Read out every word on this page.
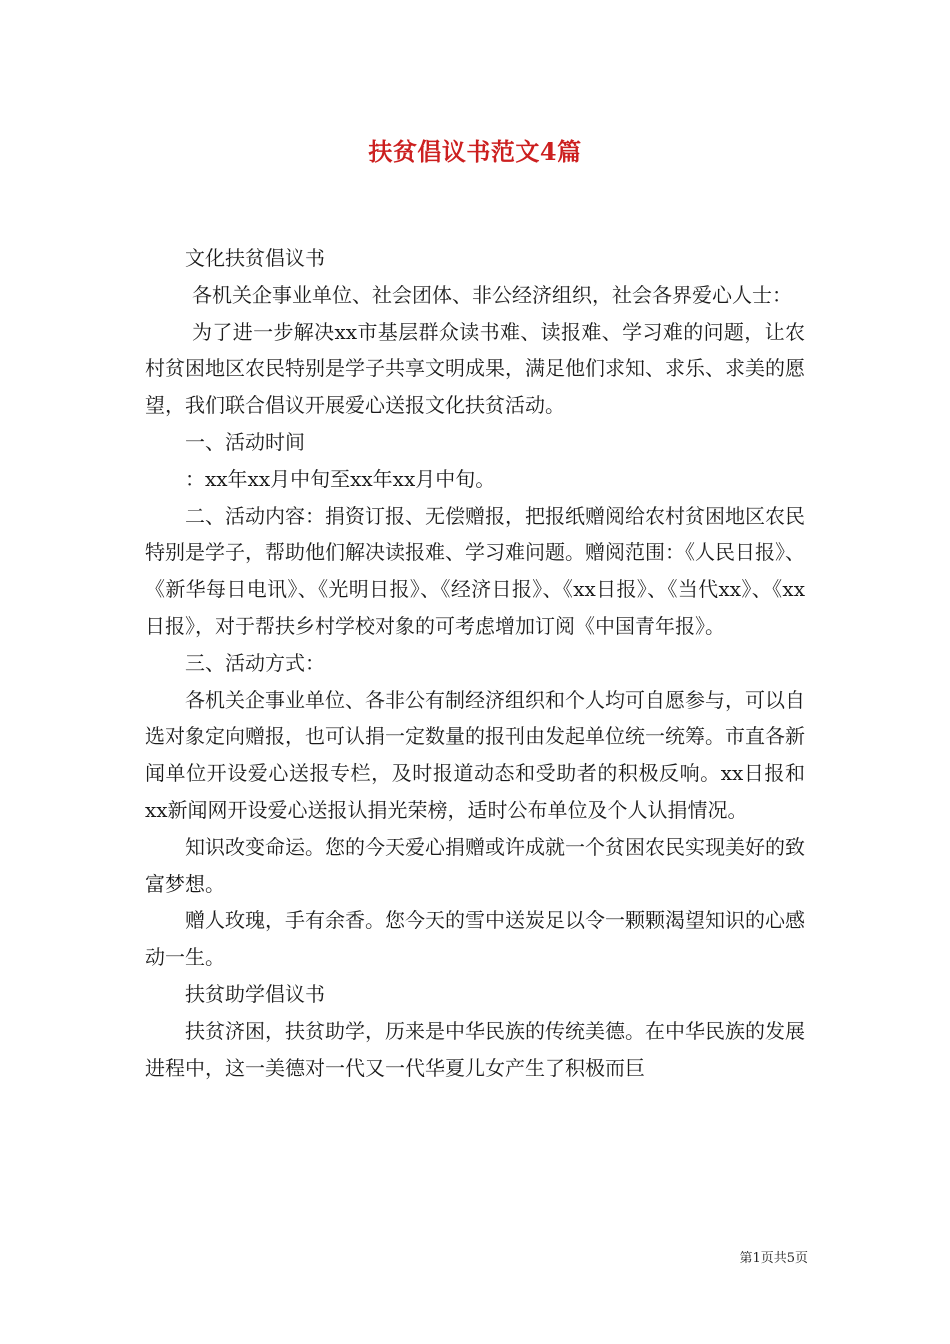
扶贫倡议书范文4篇

文化扶贫倡议书

各机关企事业单位、社会团体、非公经济组织，社会各界爱心人士：

为了进一步解决xx市基层群众读书难、读报难、学习难的问题，让农村贫困地区农民特别是学子共享文明成果，满足他们求知、求乐、求美的愿望，我们联合倡议开展爱心送报文化扶贫活动。

一、活动时间

：xx年xx月中旬至xx年xx月中旬。

二、活动内容：捐资订报、无偿赠报，把报纸赠阅给农村贫困地区农民特别是学子，帮助他们解决读报难、学习难问题。赠阅范围：《人民日报》、《新华每日电讯》、《光明日报》、《经济日报》、《xx日报》、《当代xx》、《xx日报》，对于帮扶乡村学校对象的可考虑增加订阅《中国青年报》。

三、活动方式：

各机关企事业单位、各非公有制经济组织和个人均可自愿参与，可以自选对象定向赠报，也可认捐一定数量的报刊由发起单位统一统筹。市直各新闻单位开设爱心送报专栏，及时报道动态和受助者的积极反响。xx日报和xx新闻网开设爱心送报认捐光荣榜，适时公布单位及个人认捐情况。

知识改变命运。您的今天爱心捐赠或许成就一个贫困农民实现美好的致富梦想。

赠人玫瑰，手有余香。您今天的雪中送炭足以令一颗颗渴望知识的心感动一生。

扶贫助学倡议书

扶贫济困，扶贫助学，历来是中华民族的传统美德。在中华民族的发展进程中，这一美德对一代又一代华夏儿女产生了积极而巨

第1页共5页
